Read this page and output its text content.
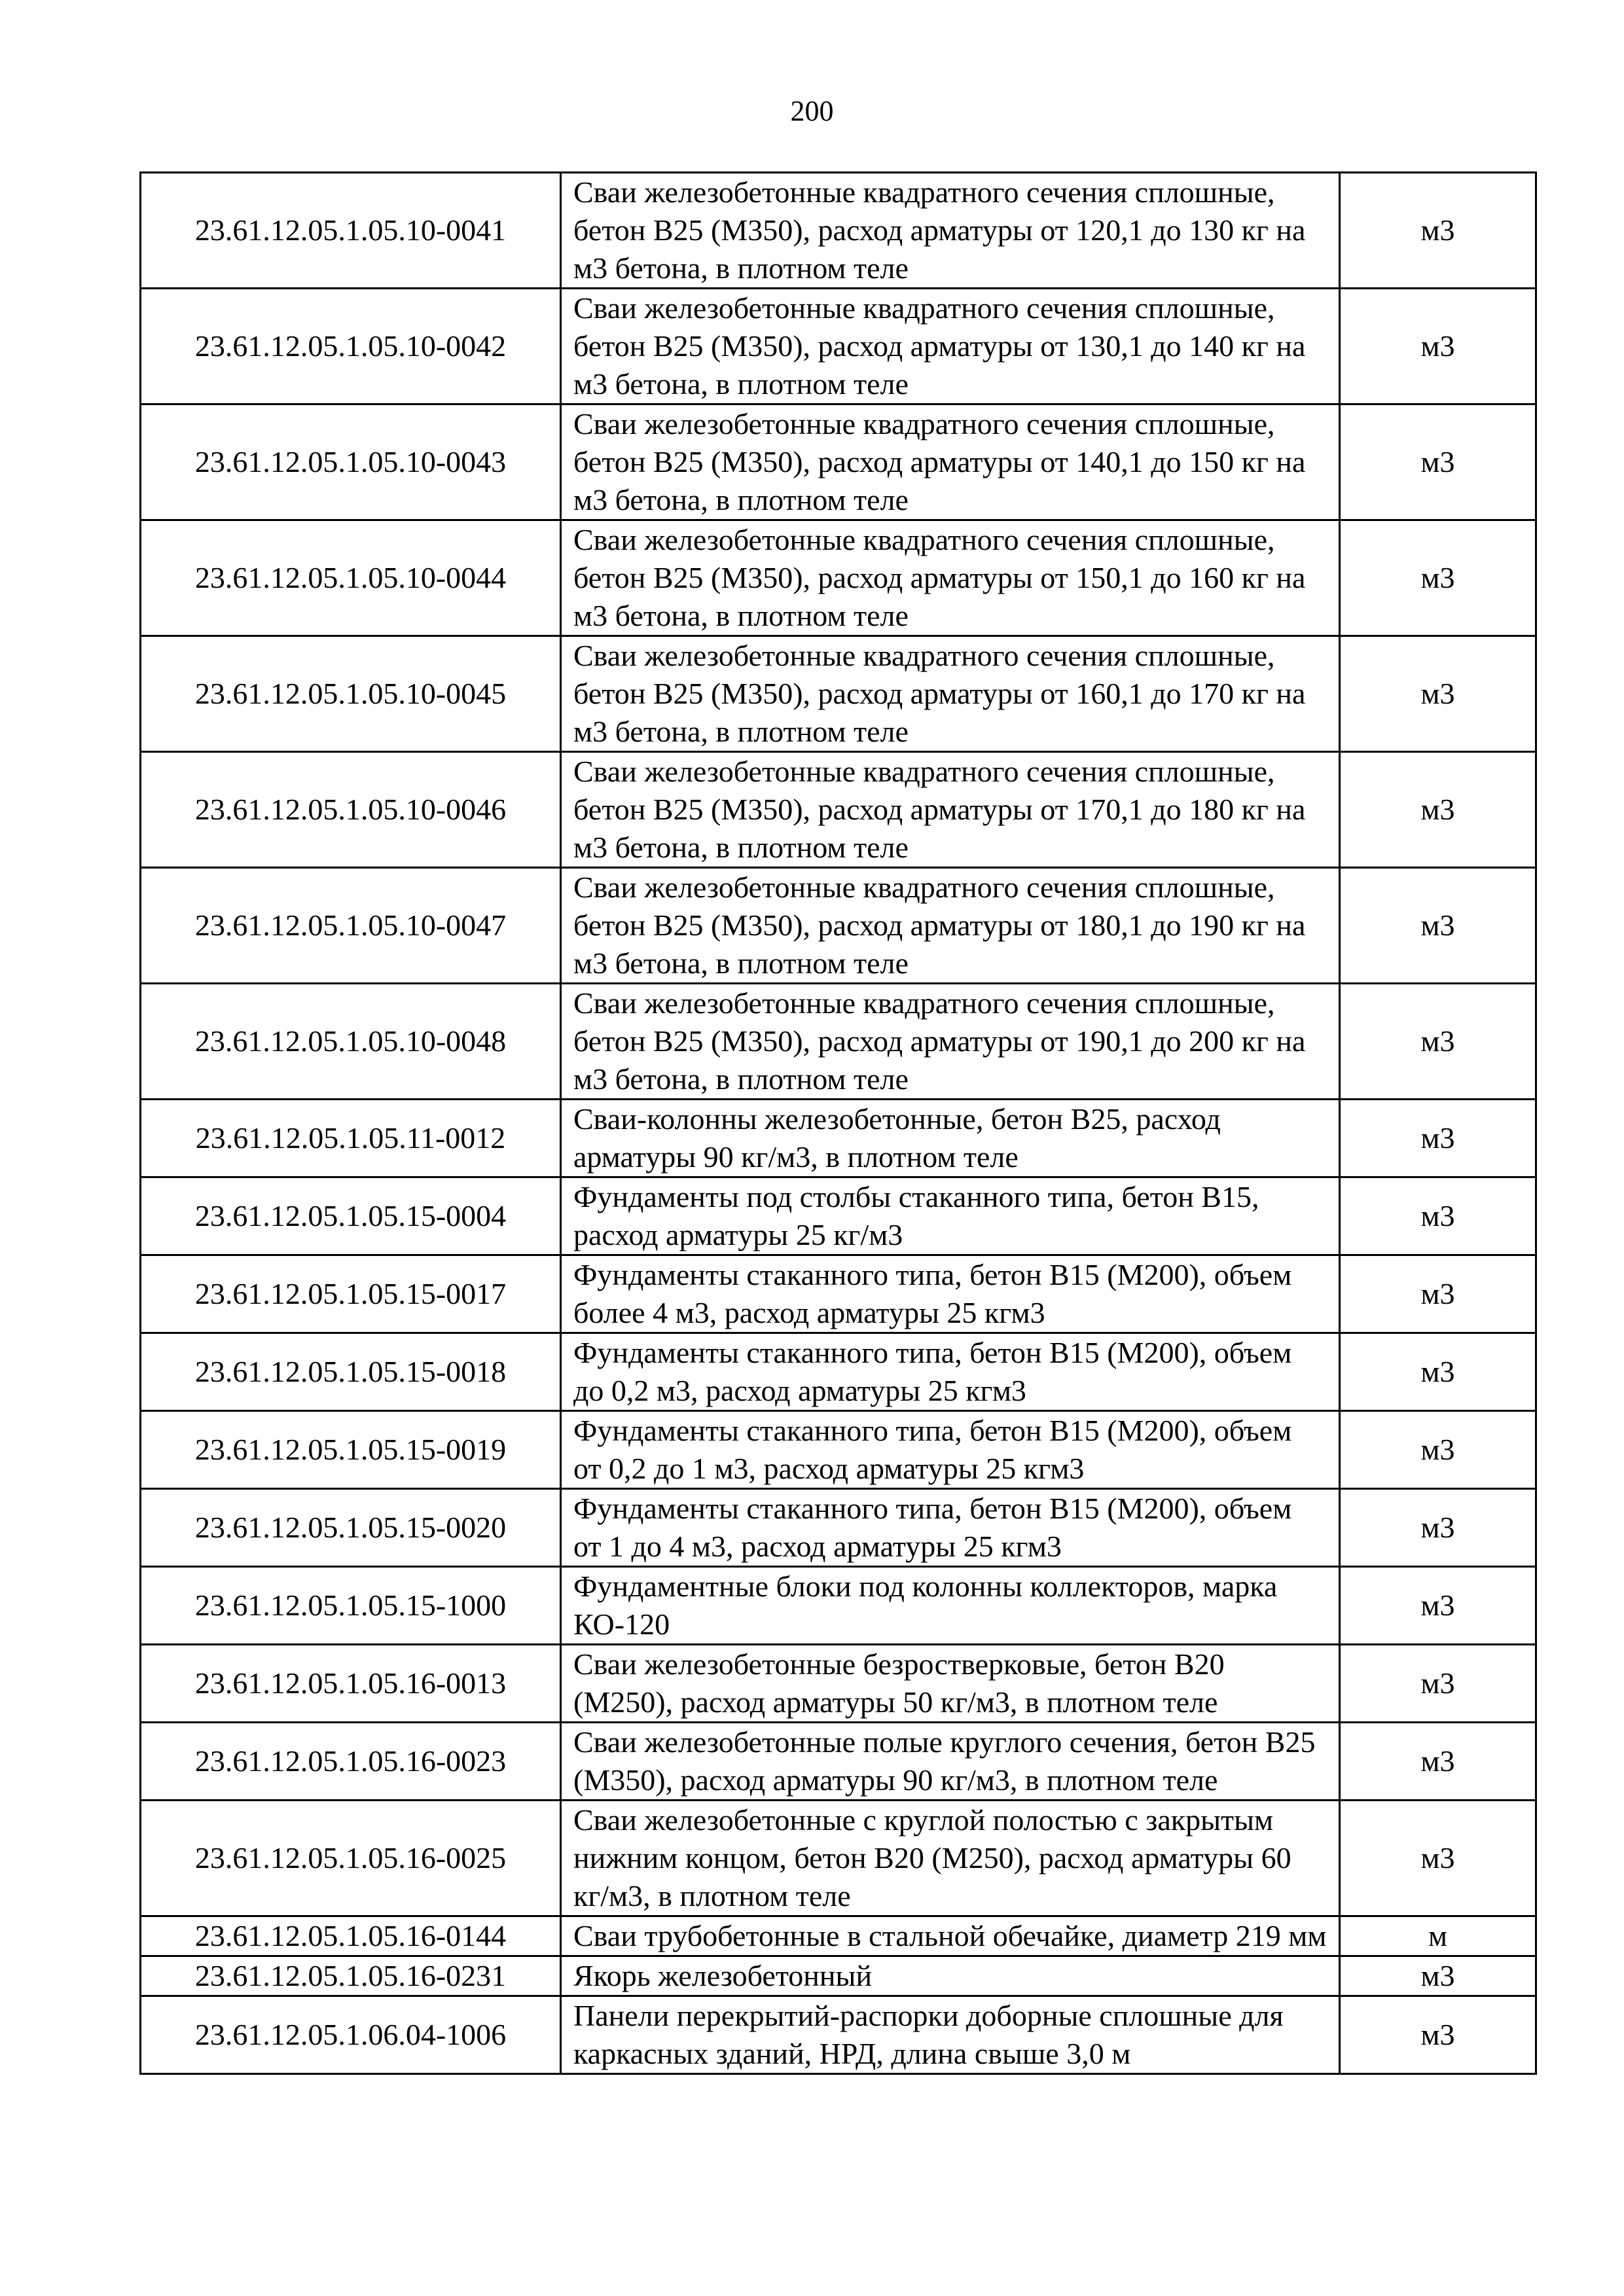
200
23.61.12.05.1.05.10-0041	Сваи железобетонные квадратного сечения сплошные, бетон В25 (М350), расход арматуры от 120,1 до 130 кг на м3 бетона, в плотном теле	м3
23.61.12.05.1.05.10-0042	Сваи железобетонные квадратного сечения сплошные, бетон В25 (М350), расход арматуры от 130,1 до 140 кг на м3 бетона, в плотном теле	м3
23.61.12.05.1.05.10-0043	Сваи железобетонные квадратного сечения сплошные, бетон В25 (М350), расход арматуры от 140,1 до 150 кг на м3 бетона, в плотном теле	м3
23.61.12.05.1.05.10-0044	Сваи железобетонные квадратного сечения сплошные, бетон В25 (М350), расход арматуры от 150,1 до 160 кг на м3 бетона, в плотном теле	м3
23.61.12.05.1.05.10-0045	Сваи железобетонные квадратного сечения сплошные, бетон В25 (М350), расход арматуры от 160,1 до 170 кг на м3 бетона, в плотном теле	м3
23.61.12.05.1.05.10-0046	Сваи железобетонные квадратного сечения сплошные, бетон В25 (М350), расход арматуры от 170,1 до 180 кг на м3 бетона, в плотном теле	м3
23.61.12.05.1.05.10-0047	Сваи железобетонные квадратного сечения сплошные, бетон В25 (М350), расход арматуры от 180,1 до 190 кг на м3 бетона, в плотном теле	м3
23.61.12.05.1.05.10-0048	Сваи железобетонные квадратного сечения сплошные, бетон В25 (М350), расход арматуры от 190,1 до 200 кг на м3 бетона, в плотном теле	м3
23.61.12.05.1.05.11-0012	Сваи-колонны железобетонные, бетон В25, расход арматуры 90 кг/м3, в плотном теле	м3
23.61.12.05.1.05.15-0004	Фундаменты под столбы стаканного типа, бетон В15, расход арматуры 25 кг/м3	м3
23.61.12.05.1.05.15-0017	Фундаменты стаканного типа, бетон В15 (М200), объем более 4 м3, расход арматуры 25 кгм3	м3
23.61.12.05.1.05.15-0018	Фундаменты стаканного типа, бетон В15 (М200), объем до 0,2 м3, расход арматуры 25 кгм3	м3
23.61.12.05.1.05.15-0019	Фундаменты стаканного типа, бетон В15 (М200), объем от 0,2 до 1 м3, расход арматуры 25 кгм3	м3
23.61.12.05.1.05.15-0020	Фундаменты стаканного типа, бетон В15 (М200), объем от 1 до 4 м3, расход арматуры 25 кгм3	м3
23.61.12.05.1.05.15-1000	Фундаментные блоки под колонны коллекторов, марка КО-120	м3
23.61.12.05.1.05.16-0013	Сваи железобетонные безростверковые, бетон В20 (М250), расход арматуры 50 кг/м3, в плотном теле	м3
23.61.12.05.1.05.16-0023	Сваи железобетонные полые круглого сечения, бетон В25 (М350), расход арматуры 90 кг/м3, в плотном теле	м3
23.61.12.05.1.05.16-0025	Сваи железобетонные с круглой полостью с закрытым нижним концом, бетон В20 (М250), расход арматуры 60 кг/м3, в плотном теле	м3
23.61.12.05.1.05.16-0144	Сваи трубобетонные в стальной обечайке, диаметр 219 мм	м
23.61.12.05.1.05.16-0231	Якорь железобетонный	м3
23.61.12.05.1.06.04-1006	Панели перекрытий-распорки доборные сплошные для каркасных зданий, НРД, длина свыше 3,0 м	м3
